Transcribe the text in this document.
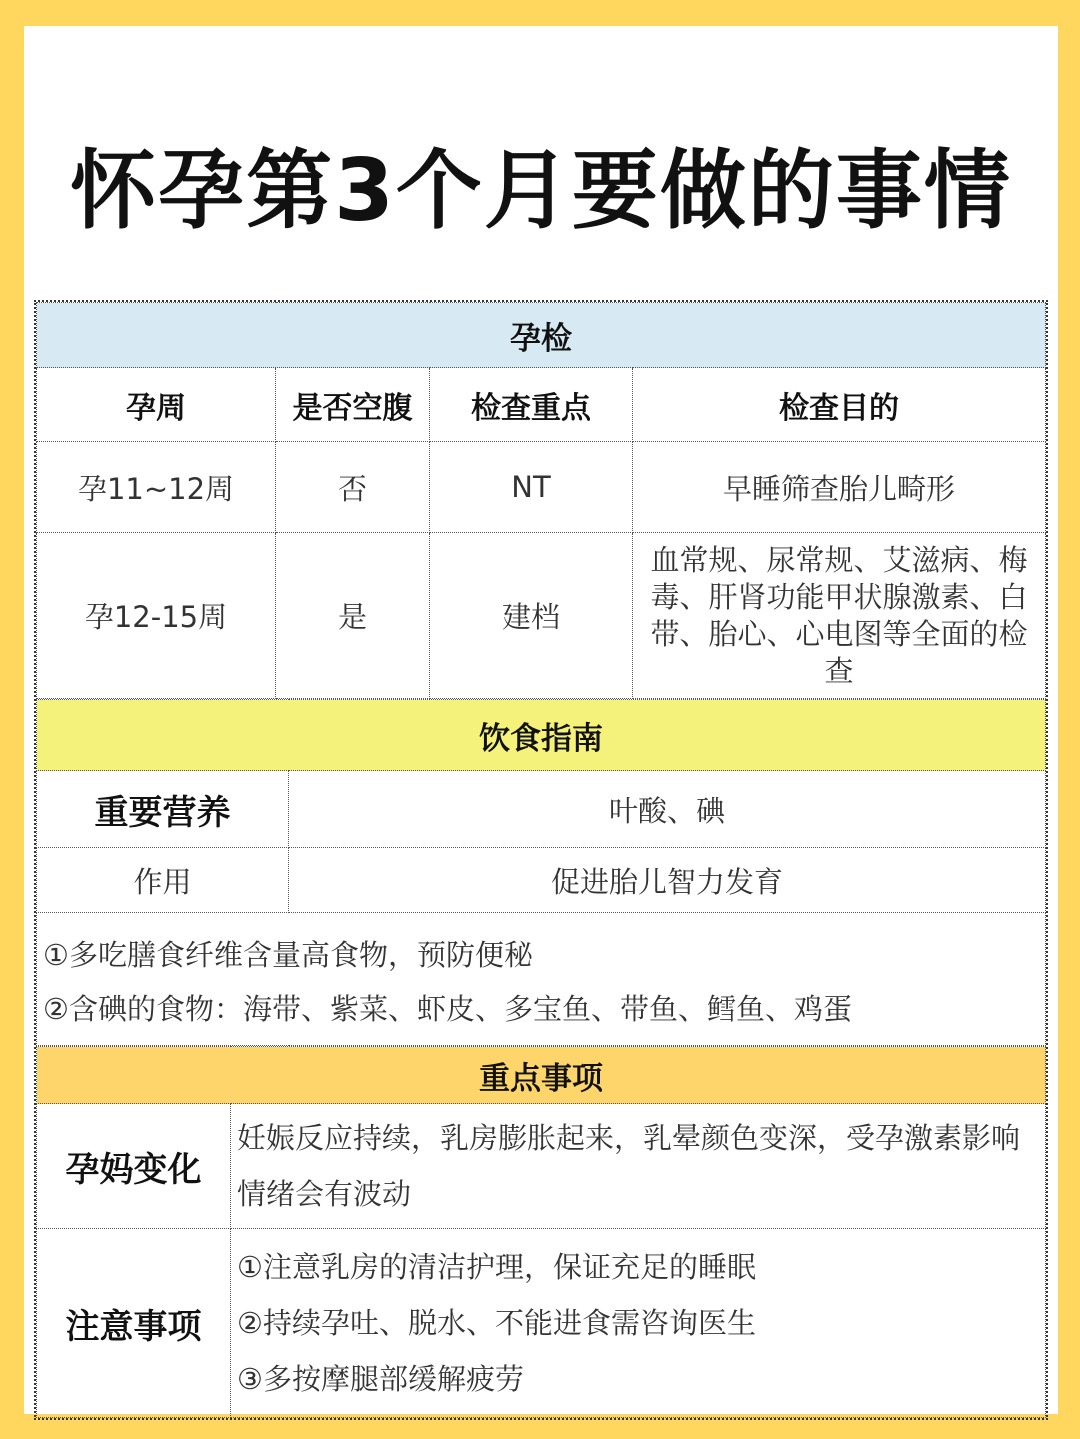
怀孕第3个月要做的事情
孕检			
孕周	是否空腹	检查重点	检查目的
孕11~12周	否	NT	早睡筛查胎儿畸形
孕12-15周	是	建档	血常规、尿常规、艾滋病、梅毒、肝肾功能甲状腺激素、白带、胎心、心电图等全面的检查
饮食指南	
重要营养	叶酸、碘
作用	促进胎儿智力发育

①多吃膳食纤维含量高食物，预防便秘
②含碘的食物：海带、紫菜、虾皮、多宝鱼、带鱼、鳕鱼、鸡蛋	
重点事项	
孕妈变化	妊娠反应持续，乳房膨胀起来，乳晕颜色变深，受孕激素影响情绪会有波动
注意事项	①注意乳房的清洁护理，保证充足的睡眠
②持续孕吐、脱水、不能进食需咨询医生
③多按摩腿部缓解疲劳
